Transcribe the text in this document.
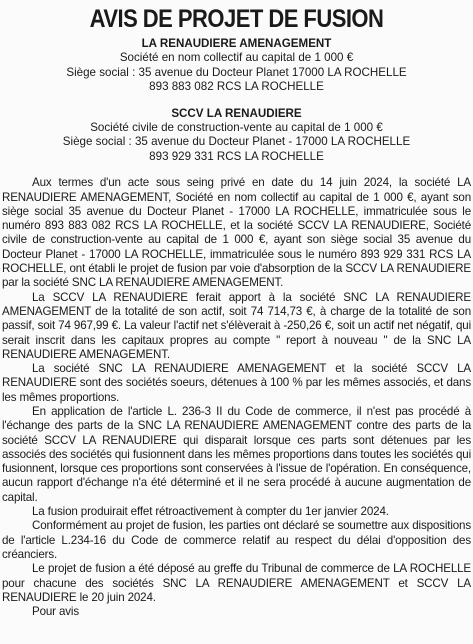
AVIS DE PROJET DE FUSION
LA RENAUDIERE AMENAGEMENT
Société en nom collectif au capital de 1 000 €
Siège social : 35 avenue du Docteur Planet 17000 LA ROCHELLE
893 883 082 RCS LA ROCHELLE
SCCV LA RENAUDIERE
Société civile de construction-vente au capital de 1 000 €
Siège social : 35 avenue du Docteur Planet - 17000 LA ROCHELLE
893 929 331 RCS LA ROCHELLE

Aux termes d'un acte sous seing privé en date du 14 juin 2024, la société LA RENAUDIERE AMENAGEMENT, Société en nom collectif au capital de 1 000 €, ayant son siège social 35 avenue du Docteur Planet - 17000 LA ROCHELLE, immatriculée sous le numéro 893 883 082 RCS LA ROCHELLE, et la société SCCV LA RENAUDIERE, Société civile de construction-vente au capital de 1 000 €, ayant son siège social 35 avenue du Docteur Planet - 17000 LA ROCHELLE, immatriculée sous le numéro 893 929 331 RCS LA ROCHELLE, ont établi le projet de fusion par voie d'absorption de la SCCV LA RENAUDIERE par la société SNC LA RENAUDIERE AMENAGEMENT.

La SCCV LA RENAUDIERE ferait apport à la société SNC LA RENAUDIERE AMENAGEMENT de la totalité de son actif, soit 74 714,73 €, à charge de la totalité de son passif, soit 74 967,99 €. La valeur l'actif net s'élèverait à -250,26 €, soit un actif net négatif, qui serait inscrit dans les capitaux propres au compte " report à nouveau " de la SNC LA RENAUDIERE AMENAGEMENT.

La société SNC LA RENAUDIERE AMENAGEMENT et la société SCCV LA RENAUDIERE sont des sociétés soeurs, détenues à 100 % par les mêmes associés, et dans les mêmes proportions.

En application de l'article L. 236-3 II du Code de commerce, il n'est pas procédé à l'échange des parts de la SNC LA RENAUDIERE AMENAGEMENT contre des parts de la société SCCV LA RENAUDIERE qui disparait lorsque ces parts sont détenues par les associés des sociétés qui fusionnent dans les mêmes proportions dans toutes les sociétés qui fusionnent, lorsque ces proportions sont conservées à l'issue de l'opération. En conséquence, aucun rapport d'échange n'a été déterminé et il ne sera procédé à aucune augmentation de capital.

La fusion produirait effet rétroactivement à compter du 1er janvier 2024.

Conformément au projet de fusion, les parties ont déclaré se soumettre aux dispositions de l'article L.234-16 du Code de commerce relatif au respect du délai d'opposition des créanciers.

Le projet de fusion a été déposé au greffe du Tribunal de commerce de LA ROCHELLE pour chacune des sociétés SNC LA RENAUDIERE AMENAGEMENT et SCCV LA RENAUDIERE le 20 juin 2024.

Pour avis
